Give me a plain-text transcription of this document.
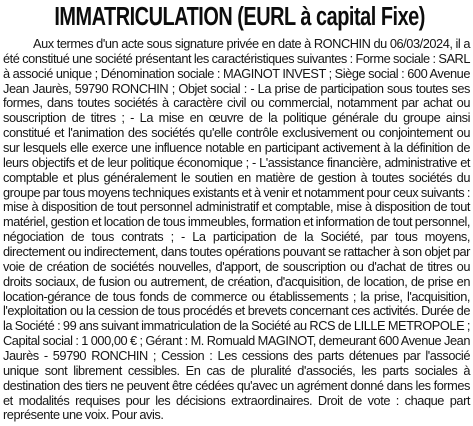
IMMATRICULATION (EURL à capital Fixe)

Aux termes d'un acte sous signature privée en date à RONCHIN du 06/03/2024, il a été constitué une société présentant les caractéristiques suivantes : Forme sociale : SARL à associé unique ; Dénomination sociale : MAGINOT INVEST ; Siège social : 600 Avenue Jean Jaurès, 59790 RONCHIN ; Objet social : - La prise de participation sous toutes ses formes, dans toutes sociétés à caractère civil ou commercial, notamment par achat ou souscription de titres ; - La mise en œuvre de la politique générale du groupe ainsi constitué et l'animation des sociétés qu'elle contrôle exclusivement ou conjointement ou sur lesquels elle exerce une influence notable en participant activement à la définition de leurs objectifs et de leur politique économique ; - L'assistance financière, administrative et comptable et plus généralement le soutien en matière de gestion à toutes sociétés du groupe par tous moyens techniques existants et à venir et notamment pour ceux suivants : mise à disposition de tout personnel administratif et comptable, mise à disposition de tout matériel, gestion et location de tous immeubles, formation et information de tout personnel, négociation de tous contrats ; - La participation de la Société, par tous moyens, directement ou indirectement, dans toutes opérations pouvant se rattacher à son objet par voie de création de sociétés nouvelles, d'apport, de souscription ou d'achat de titres ou droits sociaux, de fusion ou autrement, de création, d'acquisition, de location, de prise en location-gérance de tous fonds de commerce ou établissements ; la prise, l'acquisition, l'exploitation ou la cession de tous procédés et brevets concernant ces activités. Durée de la Société : 99 ans suivant immatriculation de la Société au RCS de LILLE METROPOLE ; Capital social : 1 000,00 € ; Gérant : M. Romuald MAGINOT, demeurant 600 Avenue Jean Jaurès - 59790 RONCHIN ; Cession : Les cessions des parts détenues par l'associé unique sont librement cessibles. En cas de pluralité d'associés, les parts sociales à destination des tiers ne peuvent être cédées qu'avec un agrément donné dans les formes et modalités requises pour les décisions extraordinaires. Droit de vote : chaque part représente une voix. Pour avis.
